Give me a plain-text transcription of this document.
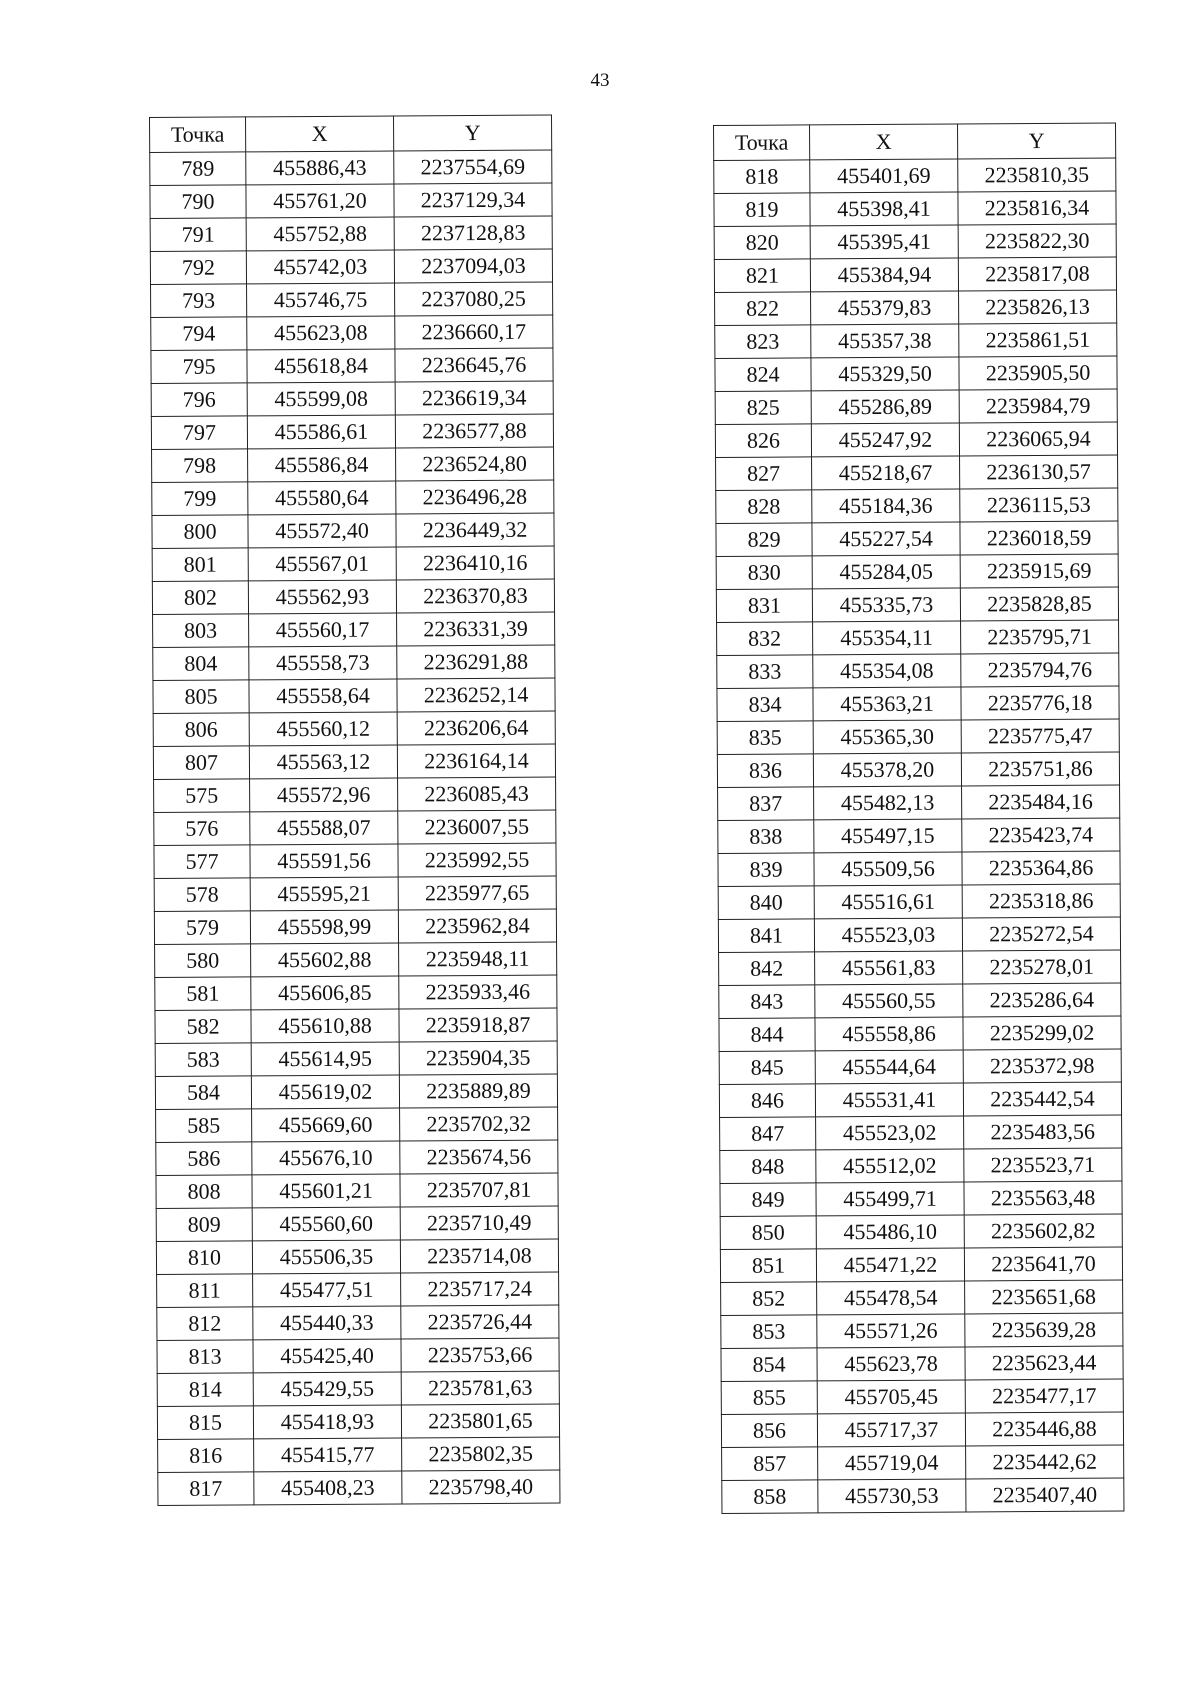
43
Точка	X	Y
789	455886,43	2237554,69
790	455761,20	2237129,34
791	455752,88	2237128,83
792	455742,03	2237094,03
793	455746,75	2237080,25
794	455623,08	2236660,17
795	455618,84	2236645,76
796	455599,08	2236619,34
797	455586,61	2236577,88
798	455586,84	2236524,80
799	455580,64	2236496,28
800	455572,40	2236449,32
801	455567,01	2236410,16
802	455562,93	2236370,83
803	455560,17	2236331,39
804	455558,73	2236291,88
805	455558,64	2236252,14
806	455560,12	2236206,64
807	455563,12	2236164,14
575	455572,96	2236085,43
576	455588,07	2236007,55
577	455591,56	2235992,55
578	455595,21	2235977,65
579	455598,99	2235962,84
580	455602,88	2235948,11
581	455606,85	2235933,46
582	455610,88	2235918,87
583	455614,95	2235904,35
584	455619,02	2235889,89
585	455669,60	2235702,32
586	455676,10	2235674,56
808	455601,21	2235707,81
809	455560,60	2235710,49
810	455506,35	2235714,08
811	455477,51	2235717,24
812	455440,33	2235726,44
813	455425,40	2235753,66
814	455429,55	2235781,63
815	455418,93	2235801,65
816	455415,77	2235802,35
817	455408,23	2235798,40
Точка	X	Y
818	455401,69	2235810,35
819	455398,41	2235816,34
820	455395,41	2235822,30
821	455384,94	2235817,08
822	455379,83	2235826,13
823	455357,38	2235861,51
824	455329,50	2235905,50
825	455286,89	2235984,79
826	455247,92	2236065,94
827	455218,67	2236130,57
828	455184,36	2236115,53
829	455227,54	2236018,59
830	455284,05	2235915,69
831	455335,73	2235828,85
832	455354,11	2235795,71
833	455354,08	2235794,76
834	455363,21	2235776,18
835	455365,30	2235775,47
836	455378,20	2235751,86
837	455482,13	2235484,16
838	455497,15	2235423,74
839	455509,56	2235364,86
840	455516,61	2235318,86
841	455523,03	2235272,54
842	455561,83	2235278,01
843	455560,55	2235286,64
844	455558,86	2235299,02
845	455544,64	2235372,98
846	455531,41	2235442,54
847	455523,02	2235483,56
848	455512,02	2235523,71
849	455499,71	2235563,48
850	455486,10	2235602,82
851	455471,22	2235641,70
852	455478,54	2235651,68
853	455571,26	2235639,28
854	455623,78	2235623,44
855	455705,45	2235477,17
856	455717,37	2235446,88
857	455719,04	2235442,62
858	455730,53	2235407,40
